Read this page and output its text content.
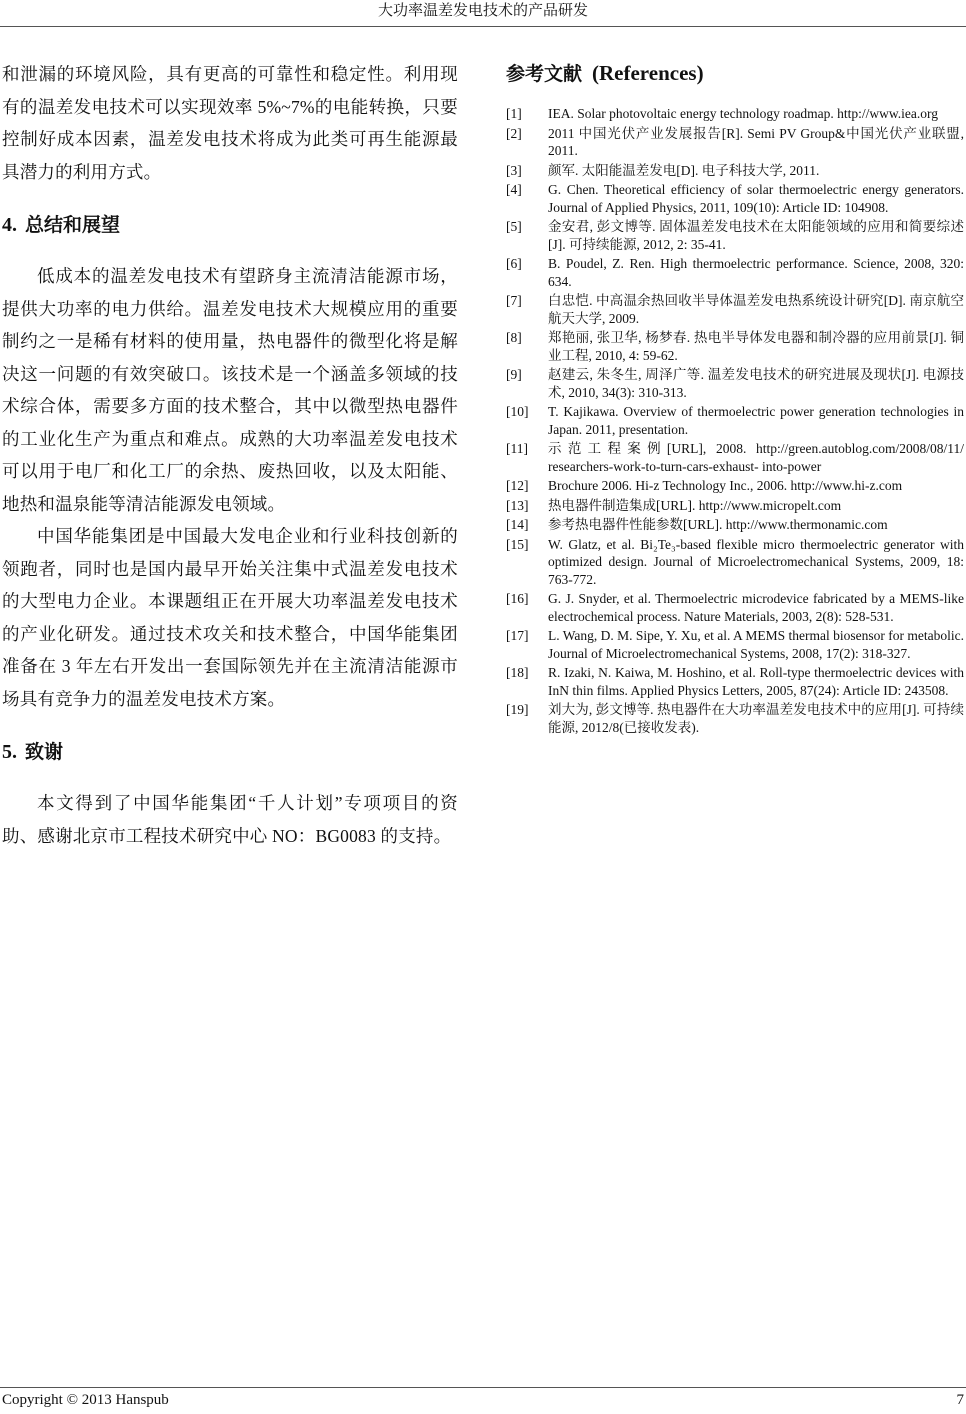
大功率温差发电技术的产品研发

和泄漏的环境风险，具有更高的可靠性和稳定性。利用现有的温差发电技术可以实现效率 5%~7%的电能转换，只要控制好成本因素，温差发电技术将成为此类可再生能源最具潜力的利用方式。

4. 总结和展望

低成本的温差发电技术有望跻身主流清洁能源市场，提供大功率的电力供给。温差发电技术大规模应用的重要制约之一是稀有材料的使用量，热电器件的微型化将是解决这一问题的有效突破口。该技术是一个涵盖多领域的技术综合体，需要多方面的技术整合，其中以微型热电器件的工业化生产为重点和难点。成熟的大功率温差发电技术可以用于电厂和化工厂的余热、废热回收，以及太阳能、地热和温泉能等清洁能源发电领域。

中国华能集团是中国最大发电企业和行业科技创新的领跑者，同时也是国内最早开始关注集中式温差发电技术的大型电力企业。本课题组正在开展大功率温差发电技术的产业化研发。通过技术攻关和技术整合，中国华能集团准备在 3 年左右开发出一套国际领先并在主流清洁能源市场具有竞争力的温差发电技术方案。

5. 致谢

本文得到了中国华能集团“千人计划”专项项目的资助、感谢北京市工程技术研究中心 NO：BG0083 的支持。

参考文献 (References)
[1]	IEA. Solar photovoltaic energy technology roadmap. http://www.iea.org
[2]	2011 中国光伏产业发展报告[R]. Semi PV Group&中国光伏产业联盟, 2011.
[3]	颜军. 太阳能温差发电[D]. 电子科技大学, 2011.
[4]	G. Chen. Theoretical efficiency of solar thermoelectric energy generators. Journal of Applied Physics, 2011, 109(10): Article ID: 104908.
[5]	金安君, 彭文博等. 固体温差发电技术在太阳能领域的应用和简要综述[J]. 可持续能源, 2012, 2: 35-41.
[6]	B. Poudel, Z. Ren. High thermoelectric performance. Science, 2008, 320: 634.
[7]	白忠恺. 中高温余热回收半导体温差发电热系统设计研究[D]. 南京航空航天大学, 2009.
[8]	郑艳丽, 张卫华, 杨梦春. 热电半导体发电器和制冷器的应用前景[J]. 铜业工程, 2010, 4: 59-62.
[9]	赵建云, 朱冬生, 周泽广等. 温差发电技术的研究进展及现状[J]. 电源技术, 2010, 34(3): 310-313.
[10]	T. Kajikawa. Overview of thermoelectric power generation technologies in Japan. 2011, presentation.
[11]	示范工程案例[URL], 2008. http://green.autoblog.com/2008/08/11/ researchers-work-to-turn-cars-exhaust- into-power
[12]	Brochure 2006. Hi-z Technology Inc., 2006. http://www.hi-z.com
[13]	热电器件制造集成[URL]. http://www.micropelt.com
[14]	参考热电器件性能参数[URL]. http://www.thermonamic.com
[15]	W. Glatz, et al. Bi₂Te₃-based flexible micro thermoelectric generator with optimized design. Journal of Microelectromechanical Systems, 2009, 18: 763-772.
[16]	G. J. Snyder, et al. Thermoelectric microdevice fabricated by a MEMS-like electrochemical process. Nature Materials, 2003, 2(8): 528-531.
[17]	L. Wang, D. M. Sipe, Y. Xu, et al. A MEMS thermal biosensor for metabolic. Journal of Microelectromechanical Systems, 2008, 17(2): 318-327.
[18]	R. Izaki, N. Kaiwa, M. Hoshino, et al. Roll-type thermoelectric devices with InN thin films. Applied Physics Letters, 2005, 87(24): Article ID: 243508.
[19]	刘大为, 彭文博等. 热电器件在大功率温差发电技术中的应用[J]. 可持续能源, 2012/8(已接收发表).
Copyright © 2013 Hanspub	7
